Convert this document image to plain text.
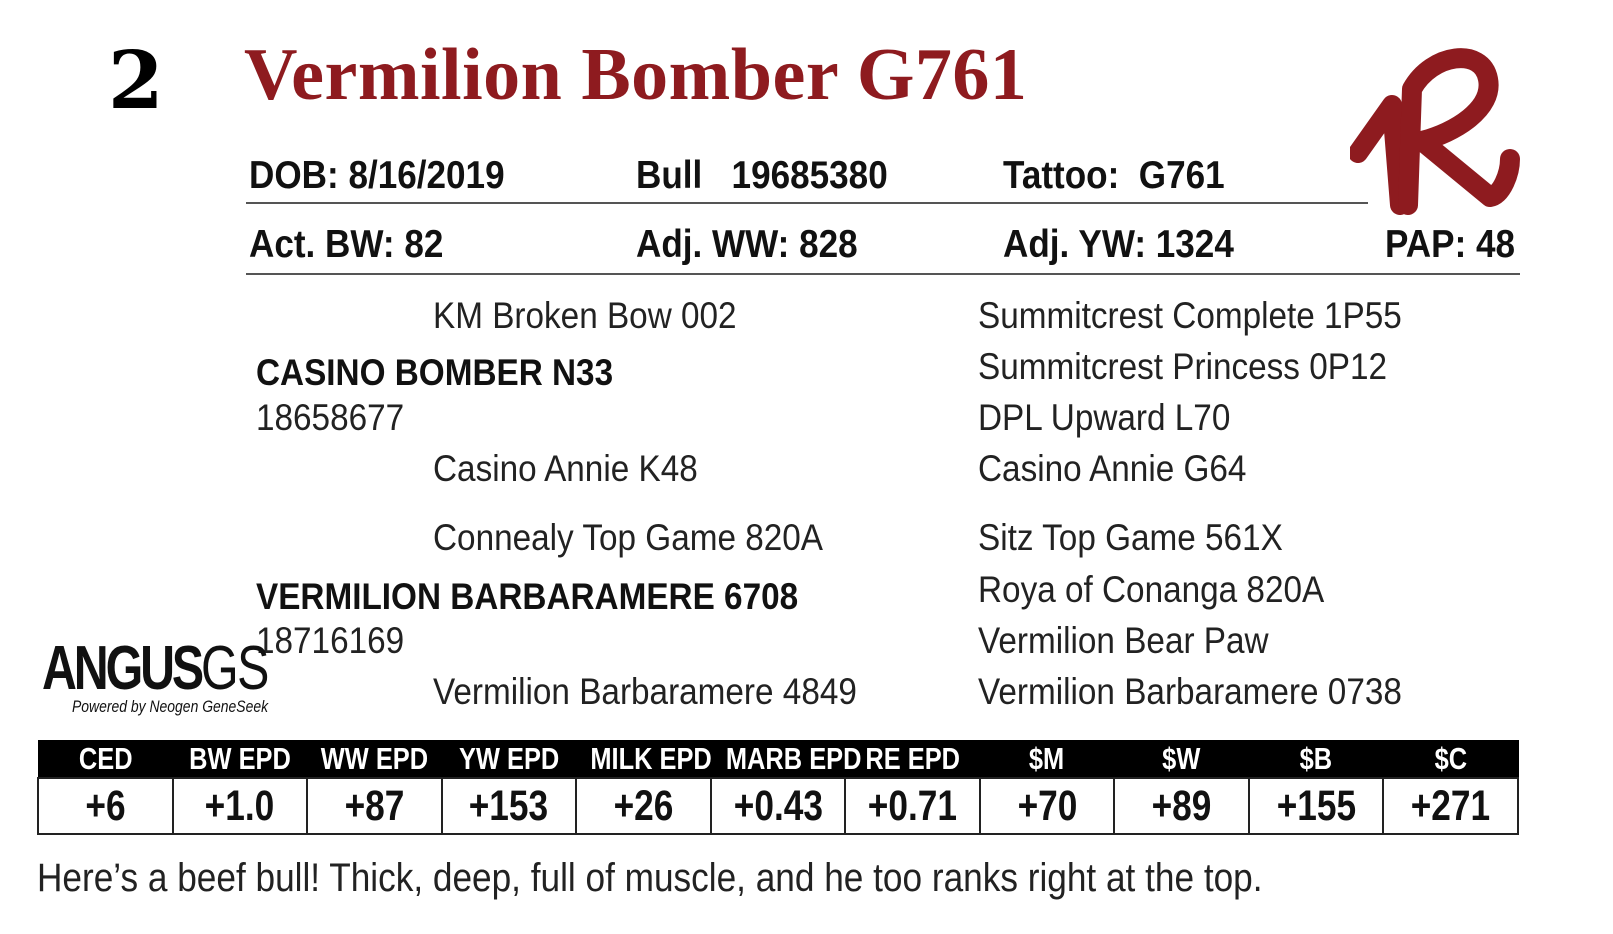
2 Vermilion Bomber G761
DOB: 8/16/2019	Bull   19685380	Tattoo:  G761
Act. BW: 82	Adj. WW: 828	Adj. YW: 1324	PAP: 48
KM Broken Bow 002
CASINO BOMBER N33
18658677
Casino Annie K48
Summitcrest Complete 1P55
Summitcrest Princess 0P12
DPL Upward L70
Casino Annie G64
Connealy Top Game 820A
VERMILION BARBARAMERE 6708
18716169
Vermilion Barbaramere 4849
Sitz Top Game 561X
Roya of Conanga 820A
Vermilion Bear Paw
Vermilion Barbaramere 0738
ANGUSGS
Powered by Neogen GeneSeek
CED	BW EPD	WW EPD	YW EPD	MILK EPD	MARB EPD	RE EPD	$M	$W	$B	$C
+6	+1.0	+87	+153	+26	+0.43	+0.71	+70	+89	+155	+271
Here’s a beef bull! Thick, deep, full of muscle, and he too ranks right at the top.
